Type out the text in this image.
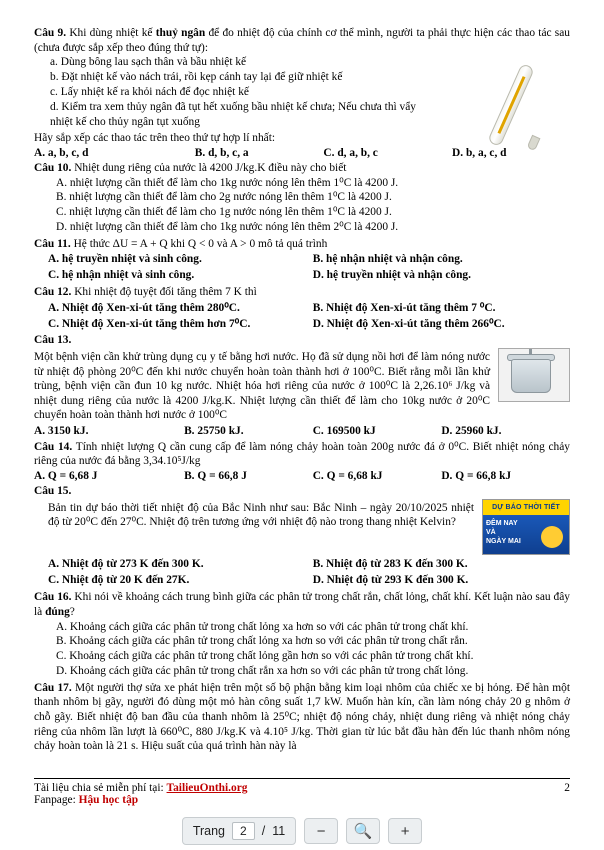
Câu 9. Khi dùng nhiệt kế thuỷ ngân để đo nhiệt độ của chính cơ thể mình, người ta phải thực hiện các thao tác sau (chưa được sắp xếp theo đúng thứ tự):
a. Dùng bông lau sạch thân và bầu nhiệt kế
b. Đặt nhiệt kế vào nách trái, rồi kẹp cánh tay lại để giữ nhiệt kế
c. Lấy nhiệt kế ra khỏi nách để đọc nhiệt kế
d. Kiểm tra xem thủy ngân đã tụt hết xuống bầu nhiệt kế chưa; Nếu chưa thì vẩy nhiệt kế cho thủy ngân tụt xuống
Hãy sắp xếp các thao tác trên theo thứ tự hợp lí nhất:
A. a, b, c, d	B. d, b, c, a	C. d, a, b, c	D. b, a, c, d
Câu 10. Nhiệt dung riêng của nước là 4200 J/kg.K điều này cho biết
A. nhiệt lượng cần thiết để làm cho 1kg nước nóng lên thêm 1⁰C là 4200 J.
B. nhiệt lượng cần thiết để làm cho 2g nước nóng lên thêm 1⁰C là 4200 J.
C. nhiệt lượng cần thiết để làm cho 1g nước nóng lên thêm 1⁰C là 4200 J.
D. nhiệt lượng cần thiết để làm cho 1kg nước nóng lên thêm 2⁰C là 4200 J.
Câu 11. Hệ thức ΔU = A + Q khi Q < 0 và A > 0 mô tả quá trình
A. hệ truyền nhiệt và sinh công.	B. hệ nhận nhiệt và nhận công.
C. hệ nhận nhiệt và sinh công.	D. hệ truyền nhiệt và nhận công.
Câu 12. Khi nhiệt độ tuyệt đối tăng thêm 7 K thì
A. Nhiệt độ Xen-xi-út tăng thêm 280⁰C.	B. Nhiệt độ Xen-xi-út tăng thêm 7 ⁰C.
C. Nhiệt độ Xen-xi-út tăng thêm hơn 7⁰C.	D. Nhiệt độ Xen-xi-út tăng thêm 266⁰C.
Câu 13.
Một bệnh viện cần khử trùng dụng cụ y tế bằng hơi nước. Họ đã sử dụng nồi hơi để làm nóng nước từ nhiệt độ phòng 20⁰C đến khi nước chuyển hoàn toàn thành hơi ở 100⁰C. Biết rằng mỗi lần khử trùng, bệnh viện cần đun 10 kg nước. Nhiệt hóa hơi riêng của nước ở 100⁰C là 2,26.10⁶ J/kg và nhiệt dung riêng của nước là 4200 J/kg.K. Nhiệt lượng cần thiết để làm cho 10kg nước ở 20⁰C chuyển hoàn toàn thành hơi nước ở 100⁰C
A. 3150 kJ.	B. 25750 kJ.	C. 169500 kJ	D. 25960 kJ.
Câu 14. Tính nhiệt lượng Q cần cung cấp để làm nóng chảy hoàn toàn 200g nước đá ở 0⁰C. Biết nhiệt nóng chảy riêng của nước đá bằng 3,34.10⁵J/kg
A. Q = 6,68 J	B. Q = 66,8 J	C. Q = 6,68 kJ	D. Q = 66,8 kJ
Câu 15.
DỰ BÁO THỜI TIẾT
ĐÊM NAY
VÀ
NGÀY MAI
Bản tin dự báo thời tiết nhiệt độ của Bắc Ninh như sau: Bắc Ninh – ngày 20/10/2025 nhiệt độ từ 20⁰C đến 27⁰C. Nhiệt độ trên tương ứng với nhiệt độ nào trong thang nhiệt Kelvin?
A. Nhiệt độ từ 273 K đến 300 K.	B. Nhiệt độ từ 283 K đến 300 K.
C. Nhiệt độ từ 20 K đến 27K.	D. Nhiệt độ từ 293 K đến 300 K.
Câu 16. Khi nói về khoảng cách trung bình giữa các phân tử trong chất rắn, chất lỏng, chất khí. Kết luận nào sau đây là đúng?
A. Khoảng cách giữa các phân tử trong chất lỏng xa hơn so với các phân tử trong chất khí.
B. Khoảng cách giữa các phân tử trong chất lỏng xa hơn so với các phân tử trong chất rắn.
C. Khoảng cách giữa các phân tử trong chất lỏng gần hơn so với các phân tử trong chất khí.
D. Khoảng cách giữa các phân tử trong chất rắn xa hơn so với các phân tử trong chất lỏng.
Câu 17. Một người thợ sửa xe phát hiện trên một số bộ phận bằng kim loại nhôm của chiếc xe bị hỏng. Để hàn một thanh nhôm bị gãy, người đó dùng một mỏ hàn công suất 1,7 kW. Muốn hàn kín, cần làm nóng chảy 20 g nhôm ở chỗ gãy. Biết nhiệt độ ban đầu của thanh nhôm là 25⁰C; nhiệt độ nóng chảy, nhiệt dung riêng và nhiệt nóng chảy riêng của nhôm lần lượt là 660⁰C, 880 J/kg.K và 4.10⁵ J/kg. Thời gian từ lúc bắt đầu hàn đến lúc thanh nhôm nóng chảy hoàn toàn là 21 s. Hiệu suất của quá trình hàn này là
Tài liệu chia sẻ miễn phí tại: TailieuOnthi.org	2
Fanpage: Hậu học tập
Trang	2	/ 11 − 🔍 +
